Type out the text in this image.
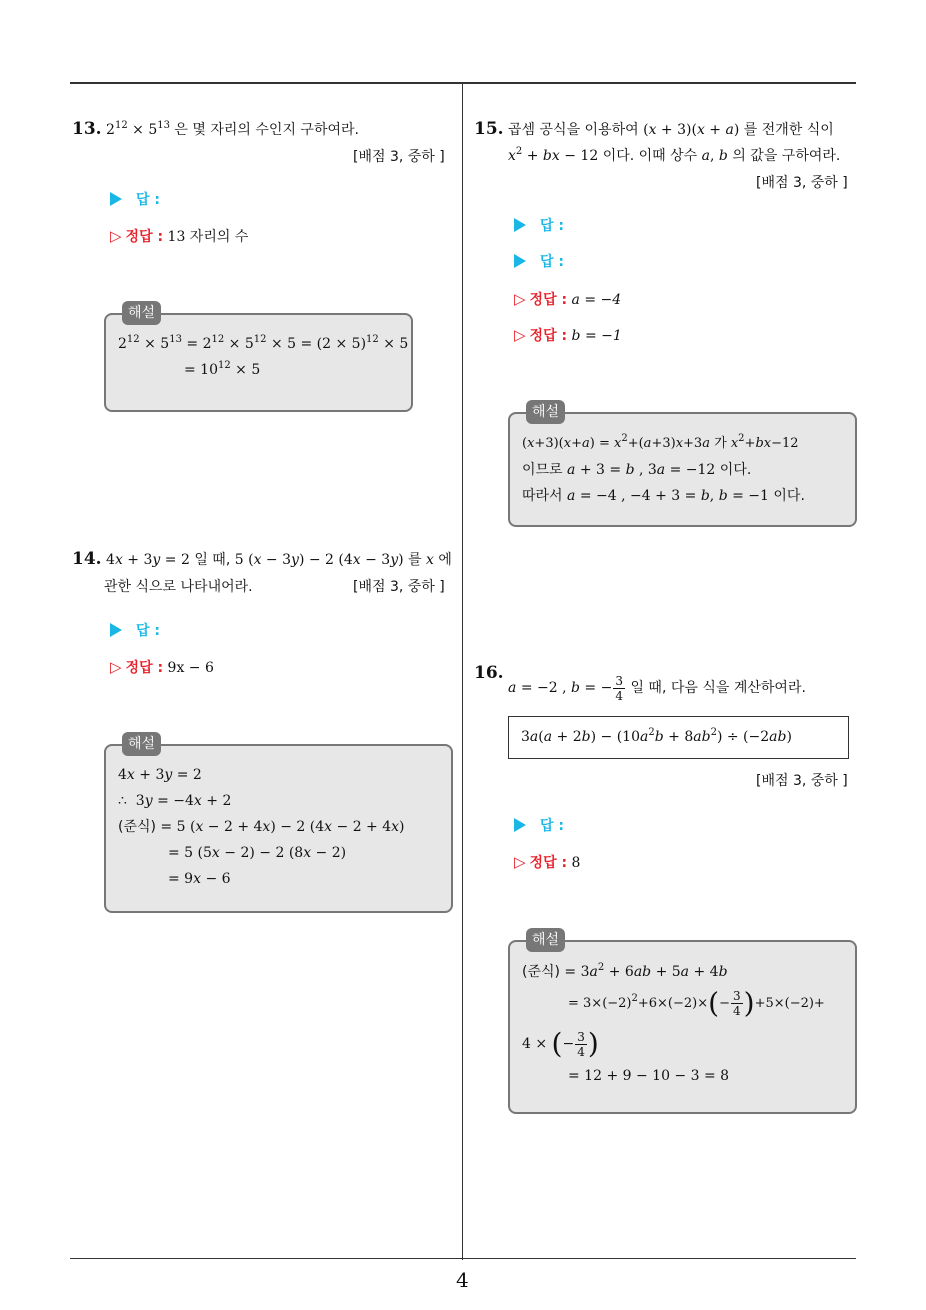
13. $2^{12} \times 5^{13}$ 은 몇 자리의 수인지 구하여라.
[배점 3, 중하 ]
답 :
▷ 정답 : 13 자리의 수
해설
$2^{12} \times 5^{13} = 2^{12} \times 5^{12} \times 5 = (2 \times 5)^{12} \times 5$
= $10^{12} \times 5$
14. 4x + 3y = 2 일 때, 5 (x − 3y) − 2 (4x − 3y) 를 x 에
관한 식으로 나타내어라.	[배점 3, 중하 ]
답 :
▷ 정답 : 9x − 6
해설
4x + 3y = 2
∴  3y = −4x + 2
(준식) = 5 (x − 2 + 4x) − 2 (4x − 2 + 4x)
= 5 (5x − 2) − 2 (8x − 2)
= 9x − 6
15. 곱셈 공식을 이용하여 (x + 3)(x + a) 를 전개한 식이
$x^2$ + bx − 12 이다. 이때 상수 a, b 의 값을 구하여라.
[배점 3, 중하 ]
답 :
답 :
▷ 정답 : a = −4
▷ 정답 : b = −1
해설
$(x+3)(x+a) = x^2+(a+3)x+3a$ 가 $x^2+bx-12$
이므로 a + 3 = b , 3a = −12 이다.
따라서 a = −4 , −4 + 3 = b, b = −1 이다.
16. a = −2 , b = − $\frac{3}{4}$ 일 때, 다음 식을 계산하여라.
$3a(a + 2b) - (10a^2b + 8ab^2) \div (-2ab)$
[배점 3, 중하 ]
답 :
▷ 정답 : 8
해설
(준식) = $3a^2 + 6ab + 5a + 4b$
= $3\times(-2)^2+6\times(-2)\times(- \frac{3}{4} )+5\times(-2)+$
4 × (− $\frac{3}{4}$ )
= 12 + 9 − 10 − 3 = 8
4
